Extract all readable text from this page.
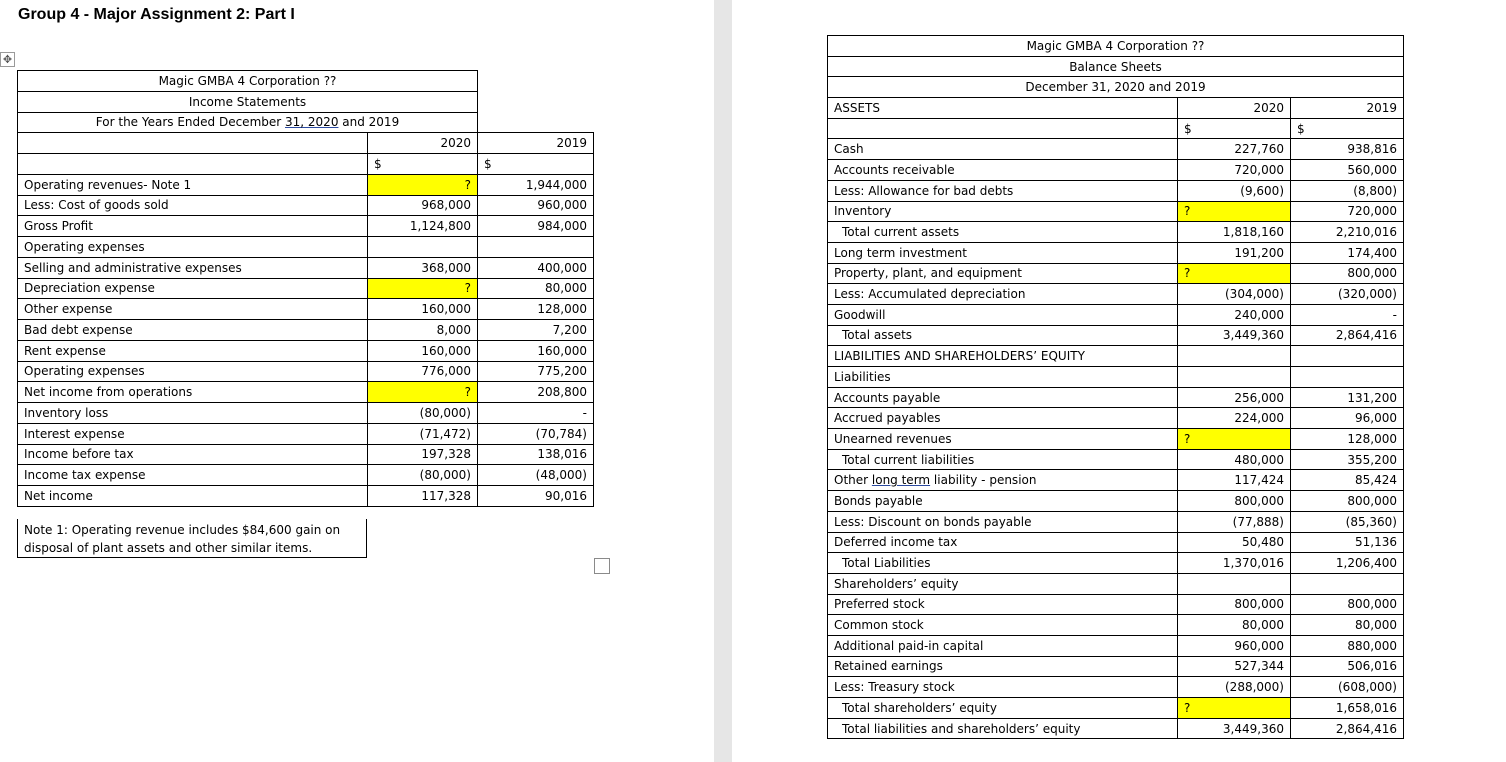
Group 4 - Major Assignment 2: Part I
✥
Magic GMBA 4 Corporation ??		
Income Statements		
For the Years Ended December 31, 2020 and 2019		
	2020	2019
	$	$
Operating revenues- Note 1	?	1,944,000
Less: Cost of goods sold	968,000	960,000
Gross Profit	1,124,800	984,000
Operating expenses		
Selling and administrative expenses	368,000	400,000
Depreciation expense	?	80,000
Other expense	160,000	128,000
Bad debt expense	8,000	7,200
Rent expense	160,000	160,000
Operating expenses	776,000	775,200
Net income from operations	?	208,800
Inventory loss	(80,000)	-
Interest expense	(71,472)	(70,784)
Income before tax	197,328	138,016
Income tax expense	(80,000)	(48,000)
Net income	117,328	90,016
Note 1: Operating revenue includes $84,600 gain on disposal of plant assets and other similar items.
Magic GMBA 4 Corporation ??		
Balance Sheets		
December 31, 2020 and 2019		
ASSETS	2020	2019
	$	$
Cash	227,760	938,816
Accounts receivable	720,000	560,000
Less: Allowance for bad debts	(9,600)	(8,800)
Inventory	?	720,000
Total current assets	1,818,160	2,210,016
Long term investment	191,200	174,400
Property, plant, and equipment	?	800,000
Less: Accumulated depreciation	(304,000)	(320,000)
Goodwill	240,000	-
Total assets	3,449,360	2,864,416
LIABILITIES AND SHAREHOLDERS’ EQUITY		
Liabilities		
Accounts payable	256,000	131,200
Accrued payables	224,000	96,000
Unearned revenues	?	128,000
Total current liabilities	480,000	355,200
Other long term liability - pension	117,424	85,424
Bonds payable	800,000	800,000
Less: Discount on bonds payable	(77,888)	(85,360)
Deferred income tax	50,480	51,136
Total Liabilities	1,370,016	1,206,400
Shareholders’ equity		
Preferred stock	800,000	800,000
Common stock	80,000	80,000
Additional paid-in capital	960,000	880,000
Retained earnings	527,344	506,016
Less: Treasury stock	(288,000)	(608,000)
Total shareholders’ equity	?	1,658,016
Total liabilities and shareholders’ equity	3,449,360	2,864,416
